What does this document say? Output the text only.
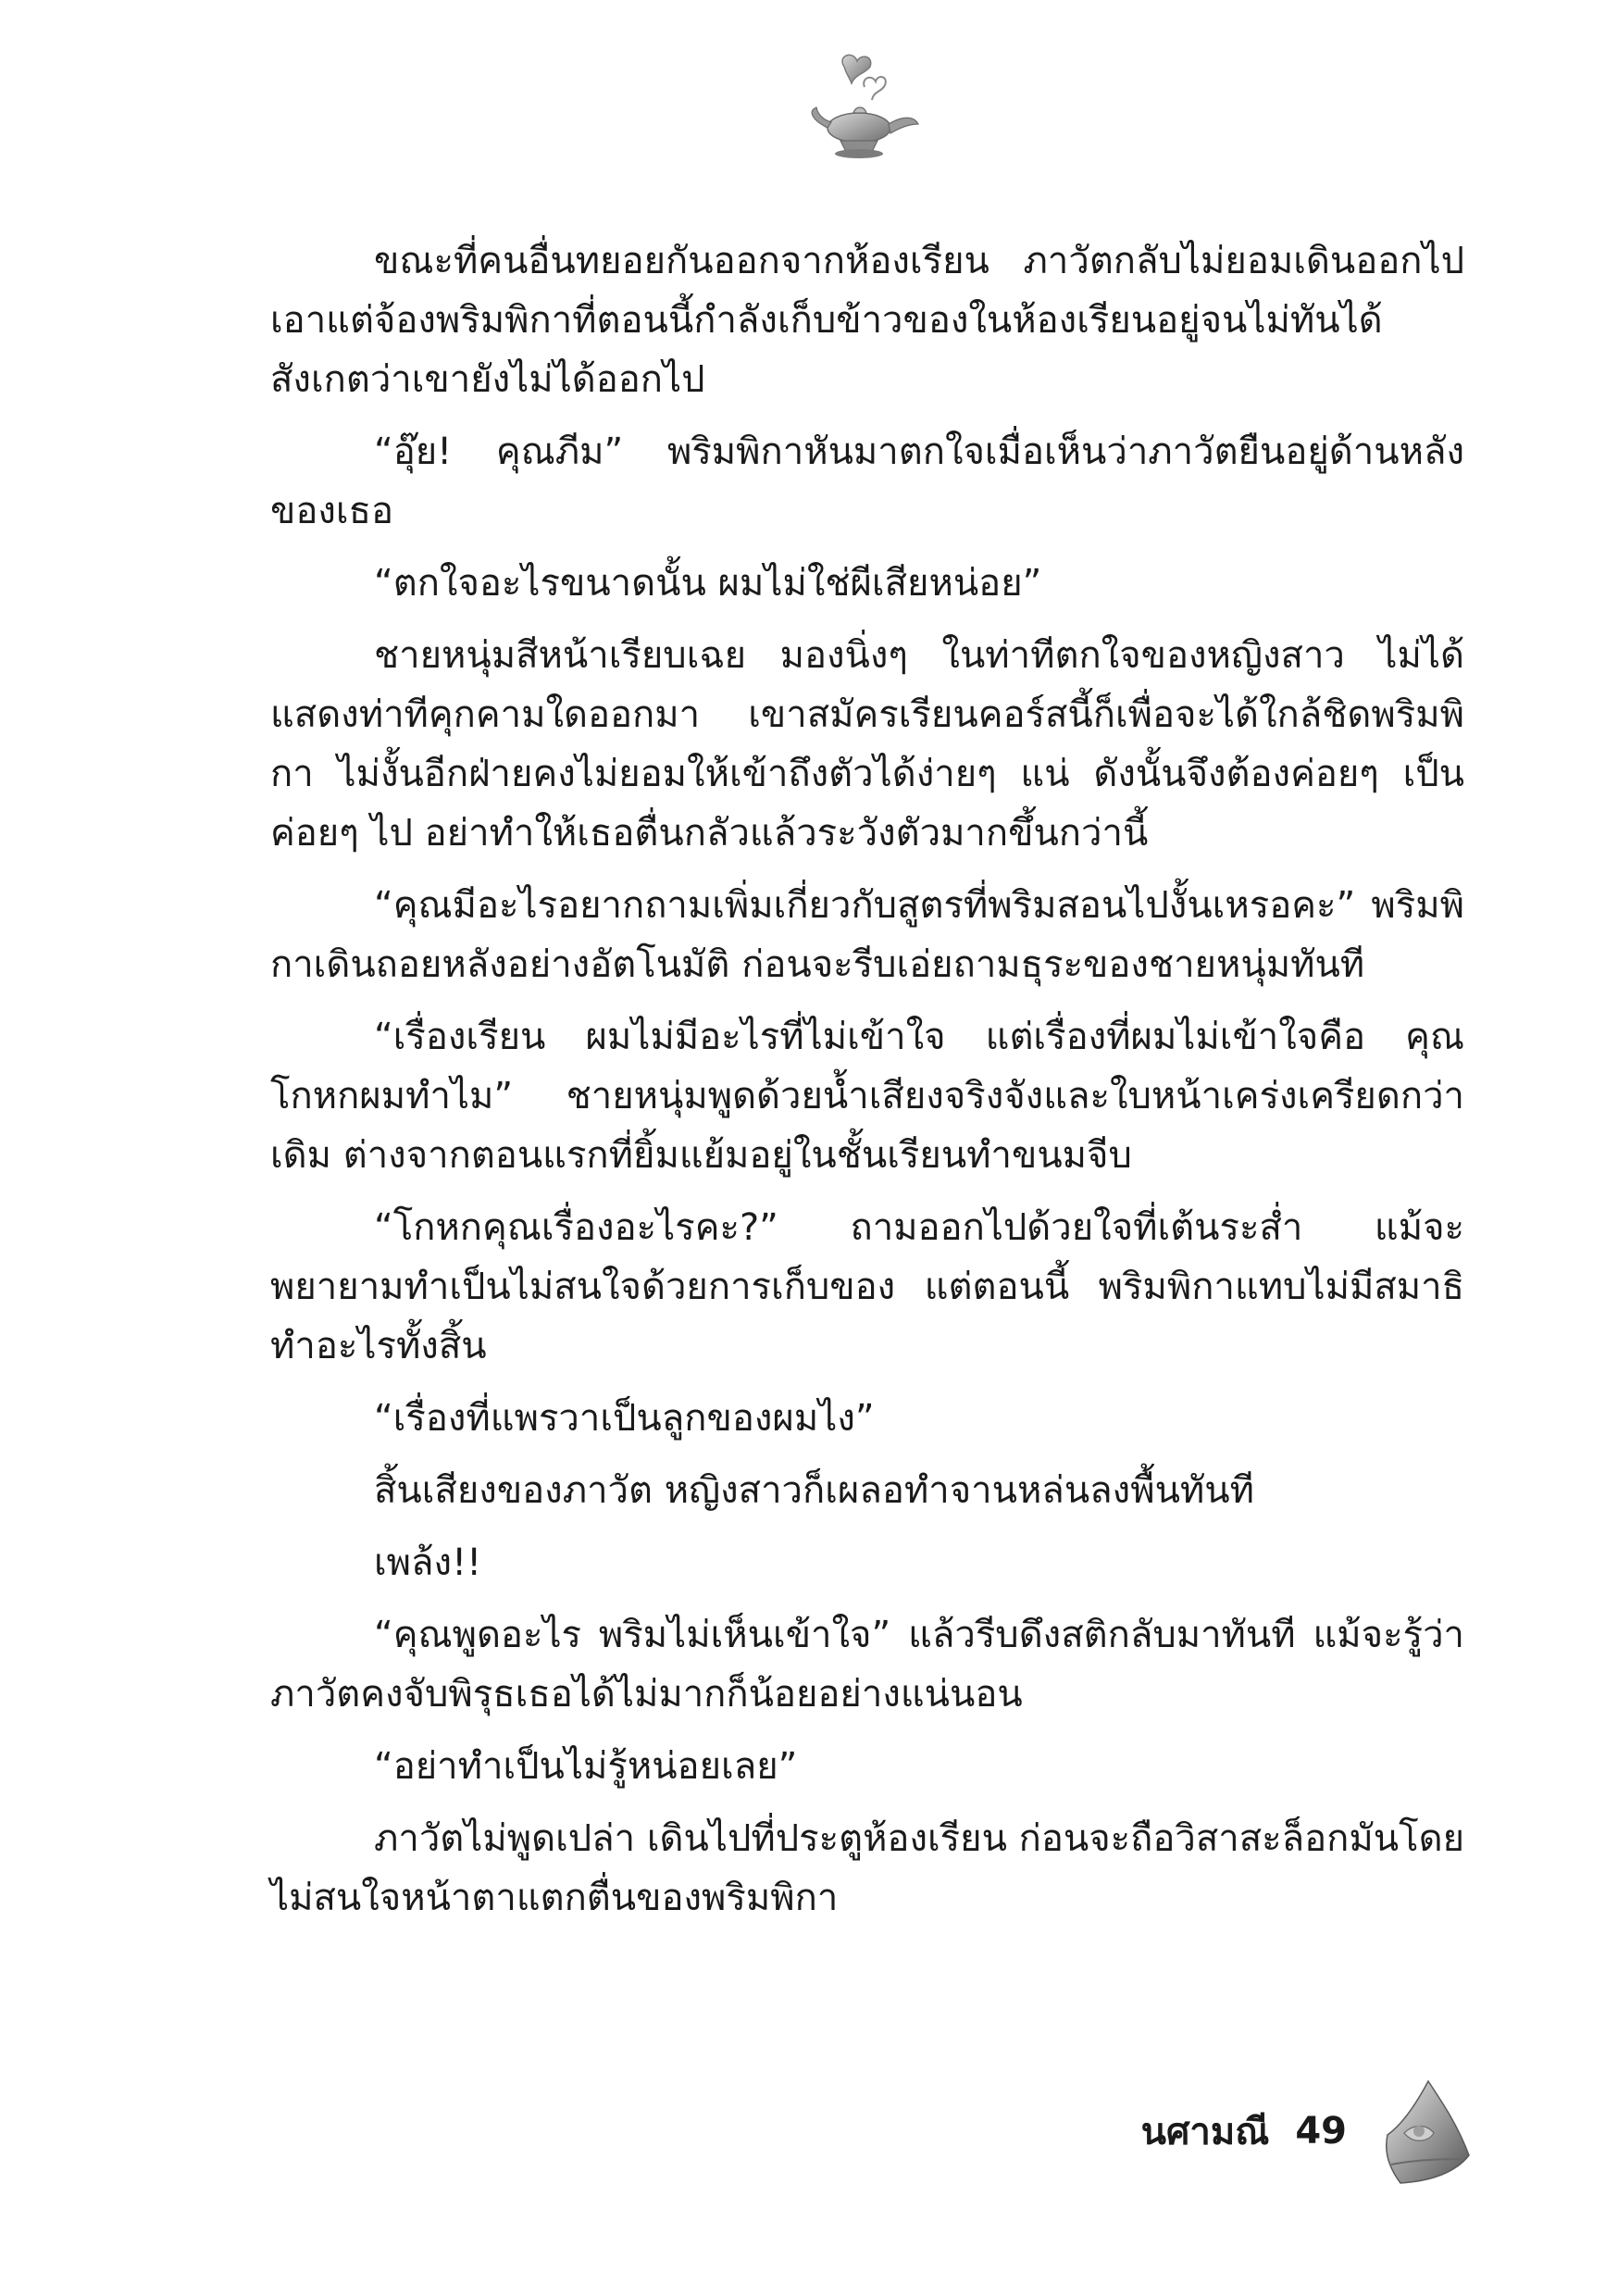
ขณะที่คนอื่นทยอยกันออกจากห้องเรียน ภาวัตกลับไม่ยอมเดินออกไป เอาแต่จ้องพริมพิกาที่ตอนนี้กำลังเก็บข้าวของในห้องเรียนอยู่จนไม่ทันได้สังเกตว่าเขายังไม่ได้ออกไป

“อุ๊ย! คุณภีม” พริมพิกาหันมาตกใจเมื่อเห็นว่าภาวัตยืนอยู่ด้านหลังของเธอ

“ตกใจอะไรขนาดนั้น ผมไม่ใช่ผีเสียหน่อย”

ชายหนุ่มสีหน้าเรียบเฉย มองนิ่งๆ ในท่าทีตกใจของหญิงสาว ไม่ได้แสดงท่าทีคุกคามใดออกมา เขาสมัครเรียนคอร์สนี้ก็เพื่อจะได้ใกล้ชิดพริมพิกา ไม่งั้นอีกฝ่ายคงไม่ยอมให้เข้าถึงตัวได้ง่ายๆ แน่ ดังนั้นจึงต้องค่อยๆ เป็นค่อยๆ ไป อย่าทำให้เธอตื่นกลัวแล้วระวังตัวมากขึ้นกว่านี้

“คุณมีอะไรอยากถามเพิ่มเกี่ยวกับสูตรที่พริมสอนไปงั้นเหรอคะ” พริมพิกาเดินถอยหลังอย่างอัตโนมัติ ก่อนจะรีบเอ่ยถามธุระของชายหนุ่มทันที

“เรื่องเรียน ผมไม่มีอะไรที่ไม่เข้าใจ แต่เรื่องที่ผมไม่เข้าใจคือ คุณโกหกผมทำไม” ชายหนุ่มพูดด้วยน้ำเสียงจริงจังและใบหน้าเคร่งเครียดกว่าเดิม ต่างจากตอนแรกที่ยิ้มแย้มอยู่ในชั้นเรียนทำขนมจีบ

“โกหกคุณเรื่องอะไรคะ?” ถามออกไปด้วยใจที่เต้นระส่ำ แม้จะพยายามทำเป็นไม่สนใจด้วยการเก็บของ แต่ตอนนี้ พริมพิกาแทบไม่มีสมาธิทำอะไรทั้งสิ้น

“เรื่องที่แพรวาเป็นลูกของผมไง”

สิ้นเสียงของภาวัต หญิงสาวก็เผลอทำจานหล่นลงพื้นทันที

เพล้ง!!

“คุณพูดอะไร พริมไม่เห็นเข้าใจ” แล้วรีบดึงสติกลับมาทันที แม้จะรู้ว่าภาวัตคงจับพิรุธเธอได้ไม่มากก็น้อยอย่างแน่นอน

“อย่าทำเป็นไม่รู้หน่อยเลย”

ภาวัตไม่พูดเปล่า เดินไปที่ประตูห้องเรียน ก่อนจะถือวิสาสะล็อกมันโดยไม่สนใจหน้าตาแตกตื่นของพริมพิกา

นศามณี 49
